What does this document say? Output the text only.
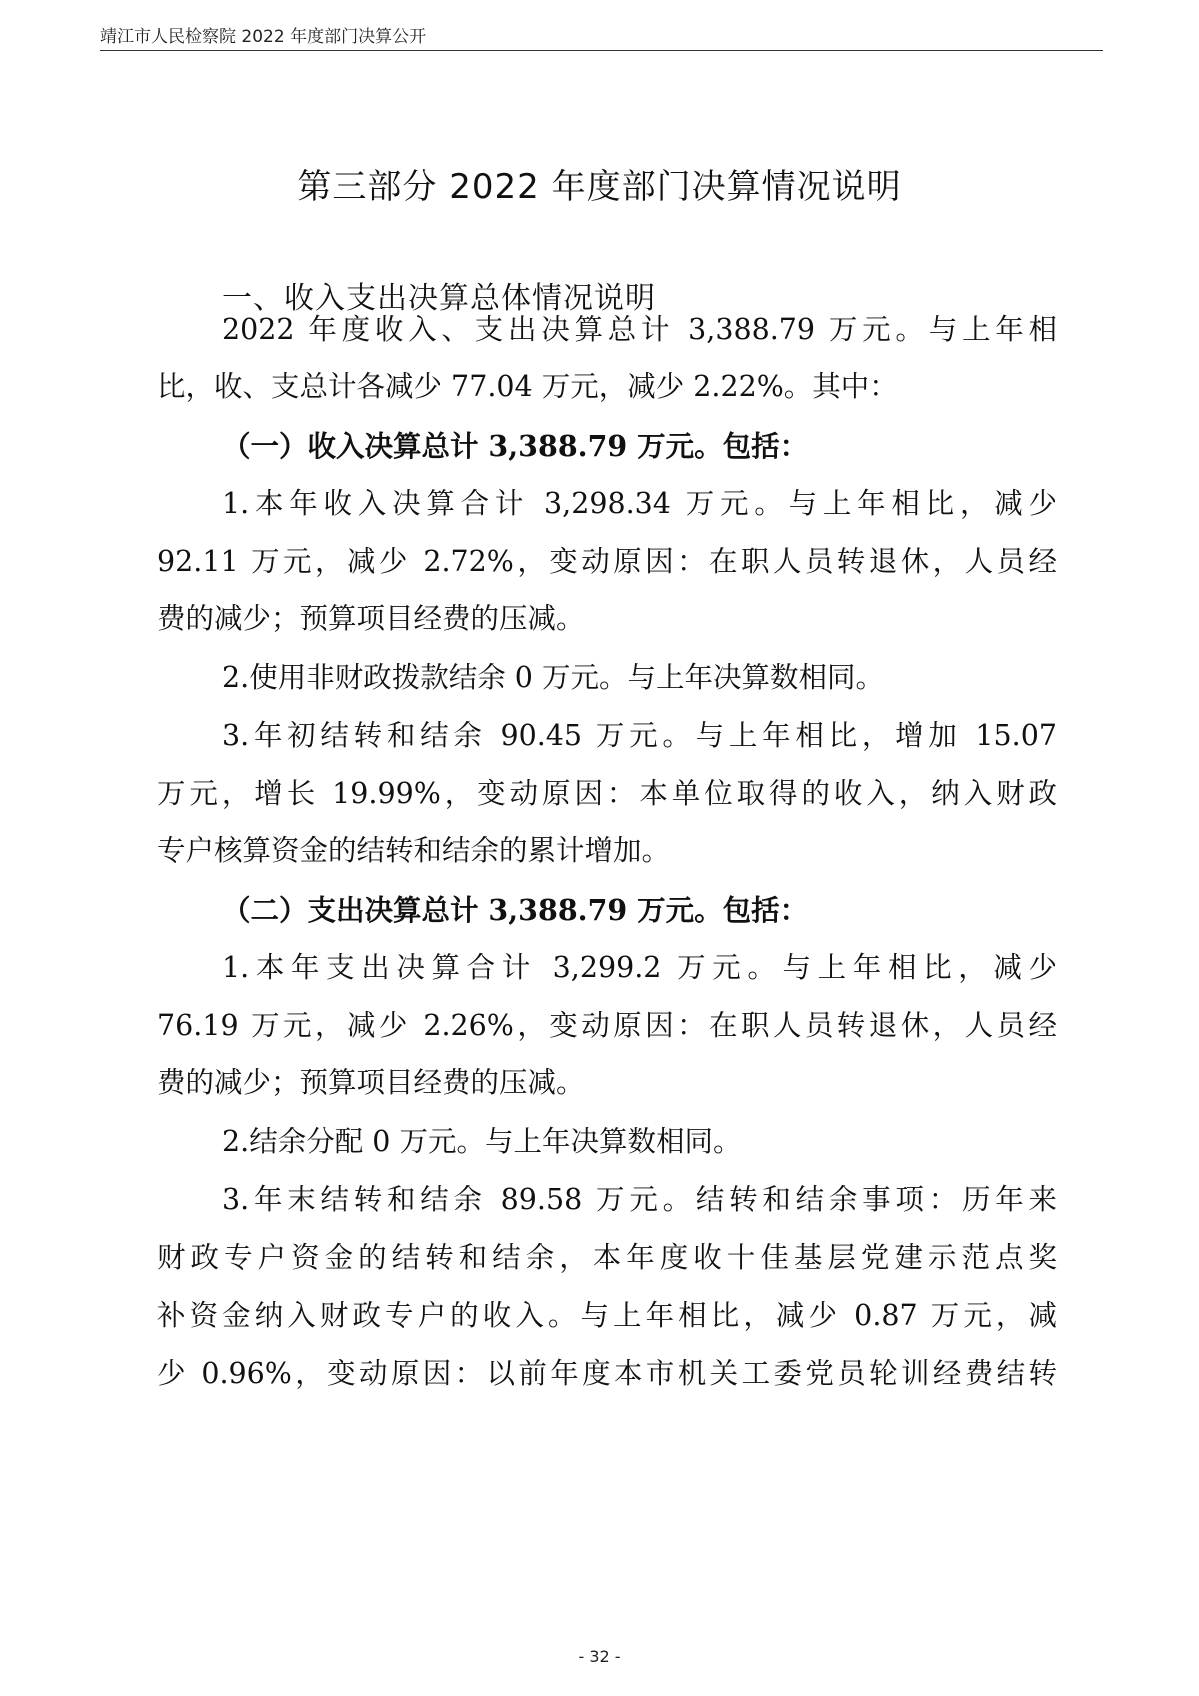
靖江市人民检察院 2022 年度部门决算公开
第三部分 2022 年度部门决算情况说明
一、收入支出决算总体情况说明
2022 年度收入、支出决算总计 3,388.79 万元。与上年相
比，收、支总计各减少 77.04 万元，减少 2.22%。其中：
（一）收入决算总计 3,388.79 万元。包括：
1.本年收入决算合计 3,298.34 万元。与上年相比，减少
92.11 万元，减少 2.72%，变动原因：在职人员转退休，人员经
费的减少；预算项目经费的压减。
2.使用非财政拨款结余 0 万元。与上年决算数相同。
3.年初结转和结余 90.45 万元。与上年相比，增加 15.07
万元，增长 19.99%，变动原因：本单位取得的收入，纳入财政
专户核算资金的结转和结余的累计增加。
（二）支出决算总计 3,388.79 万元。包括：
1.本年支出决算合计 3,299.2 万元。与上年相比，减少
76.19 万元，减少 2.26%，变动原因：在职人员转退休，人员经
费的减少；预算项目经费的压减。
2.结余分配 0 万元。与上年决算数相同。
3.年末结转和结余 89.58 万元。结转和结余事项：历年来
财政专户资金的结转和结余，本年度收十佳基层党建示范点奖
补资金纳入财政专户的收入。与上年相比，减少 0.87 万元，减
少 0.96%，变动原因：以前年度本市机关工委党员轮训经费结转
- 32 -
